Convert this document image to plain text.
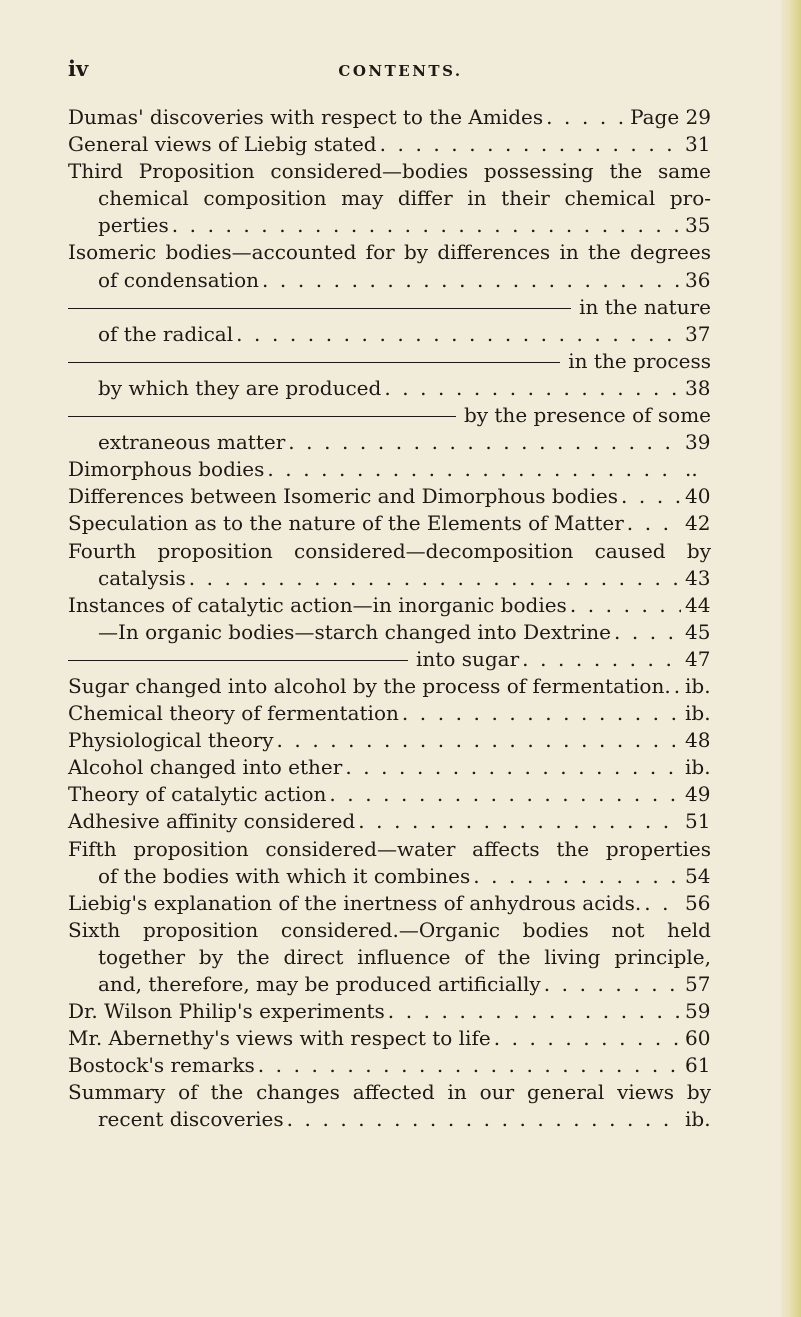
iv	CONTENTS.
Dumas' discoveries with respect to the Amides . . .	Page 29
General views of Liebig stated . . .	31
Third Proposition considered—bodies possessing the same
chemical composition may differ in their chemical pro-
perties . . .	35
Isomeric bodies—accounted for by differences in the degrees
of condensation . . .	36
in the nature
of the radical . . .	37
in the process
by which they are produced . . .	38
by the presence of some
extraneous matter . . .	39
Dimorphous bodies . . .	..
Differences between Isomeric and Dimorphous bodies . . .	40
Speculation as to the nature of the Elements of Matter . . .	42
Fourth proposition considered—decomposition caused by
catalysis . . .	43
Instances of catalytic action—in inorganic bodies . . .	44
—In organic bodies—starch changed into Dextrine . . .	45
into sugar . . .	47
Sugar changed into alcohol by the process of fermentation. . . . ib.
Chemical theory of fermentation . . .	ib.
Physiological theory . . .	48
Alcohol changed into ether . . .	ib.
Theory of catalytic action . . .	49
Adhesive affinity considered . . .	51
Fifth proposition considered—water affects the properties
of the bodies with which it combines . . .	54
Liebig's explanation of the inertness of anhydrous acids. . . . 56
Sixth proposition considered.—Organic bodies not held
together by the direct influence of the living principle,
and, therefore, may be produced artificially . . .	57
Dr. Wilson Philip's experiments . . .	59
Mr. Abernethy's views with respect to life . . .	60
Bostock's remarks . . .	61
Summary of the changes affected in our general views by
recent discoveries . . .	ib.
